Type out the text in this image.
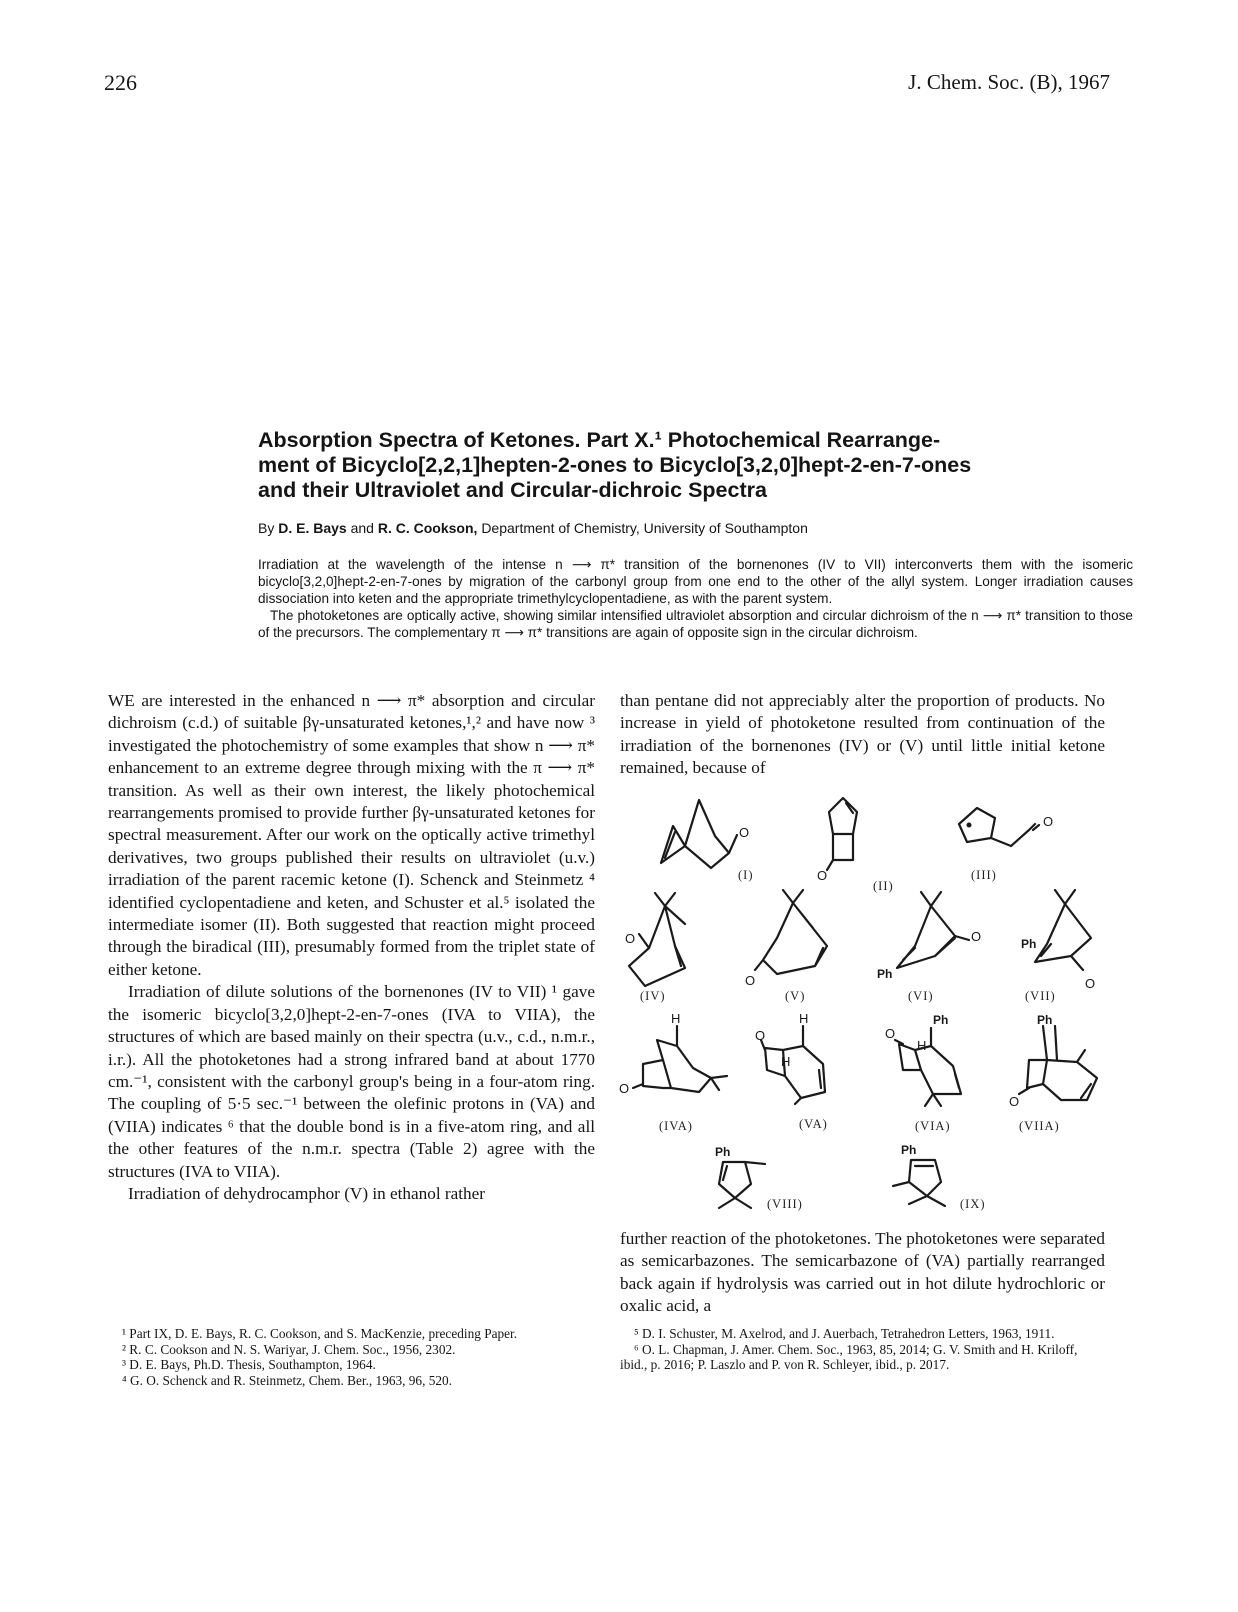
226	J. Chem. Soc. (B), 1967
Absorption Spectra of Ketones. Part X.¹ Photochemical Rearrange-
ment of Bicyclo[2,2,1]hepten-2-ones to Bicyclo[3,2,0]hept-2-en-7-ones
and their Ultraviolet and Circular-dichroic Spectra
By D. E. Bays and R. C. Cookson, Department of Chemistry, University of Southampton

Irradiation at the wavelength of the intense n ⟶ π* transition of the bornenones (IV to VII) interconverts them with the isomeric bicyclo[3,2,0]hept-2-en-7-ones by migration of the carbonyl group from one end to the other of the allyl system. Longer irradiation causes dissociation into keten and the appropriate trimethylcyclopentadiene, as with the parent system.

The photoketones are optically active, showing similar intensified ultraviolet absorption and circular dichroism of the n ⟶ π* transition to those of the precursors. The complementary π ⟶ π* transitions are again of opposite sign in the circular dichroism.

WE are interested in the enhanced n ⟶ π* absorption and circular dichroism (c.d.) of suitable βγ-unsaturated ketones,¹,² and have now ³ investigated the photochemistry of some examples that show n ⟶ π* enhancement to an extreme degree through mixing with the π ⟶ π* transition. As well as their own interest, the likely photochemical rearrangements promised to provide further βγ-unsaturated ketones for spectral measurement. After our work on the optically active trimethyl derivatives, two groups published their results on ultraviolet (u.v.) irradiation of the parent racemic ketone (I). Schenck and Steinmetz ⁴ identified cyclopentadiene and keten, and Schuster et al.⁵ isolated the intermediate isomer (II). Both suggested that reaction might proceed through the biradical (III), presumably formed from the triplet state of either ketone.

Irradiation of dilute solutions of the bornenones (IV to VII) ¹ gave the isomeric bicyclo[3,2,0]hept-2-en-7-ones (IVA to VIIA), the structures of which are based mainly on their spectra (u.v., c.d., n.m.r., i.r.). All the photoketones had a strong infrared band at about 1770 cm.⁻¹, consistent with the carbonyl group's being in a four-atom ring. The coupling of 5·5 sec.⁻¹ between the olefinic protons in (VA) and (VIIA) indicates ⁶ that the double bond is in a five-atom ring, and all the other features of the n.m.r. spectra (Table 2) agree with the structures (IVA to VIIA).

Irradiation of dehydrocamphor (V) in ethanol rather

than pentane did not appreciably alter the proportion of products. No increase in yield of photoketone resulted from continuation of the irradiation of the bornenones (IV) or (V) until little initial ketone remained, because of

O
(I)	O
(II)
O
(III)
O
(IV)
O
(V)
O
Ph
(VI)
Ph
O
(VII)
H
O
(IVA)
H
H
O
(VA)
Ph
H
O
(VIA)
Ph
O
(VIIA)
Ph
(VIII)
Ph
(IX)

further reaction of the photoketones. The photoketones were separated as semicarbazones. The semicarbazone of (VA) partially rearranged back again if hydrolysis was carried out in hot dilute hydrochloric or oxalic acid, a

¹ Part IX, D. E. Bays, R. C. Cookson, and S. MacKenzie, preceding Paper.

² R. C. Cookson and N. S. Wariyar, J. Chem. Soc., 1956, 2302.

³ D. E. Bays, Ph.D. Thesis, Southampton, 1964.

⁴ G. O. Schenck and R. Steinmetz, Chem. Ber., 1963, 96, 520.

⁵ D. I. Schuster, M. Axelrod, and J. Auerbach, Tetrahedron Letters, 1963, 1911.

⁶ O. L. Chapman, J. Amer. Chem. Soc., 1963, 85, 2014; G. V. Smith and H. Kriloff, ibid., p. 2016; P. Laszlo and P. von R. Schleyer, ibid., p. 2017.
